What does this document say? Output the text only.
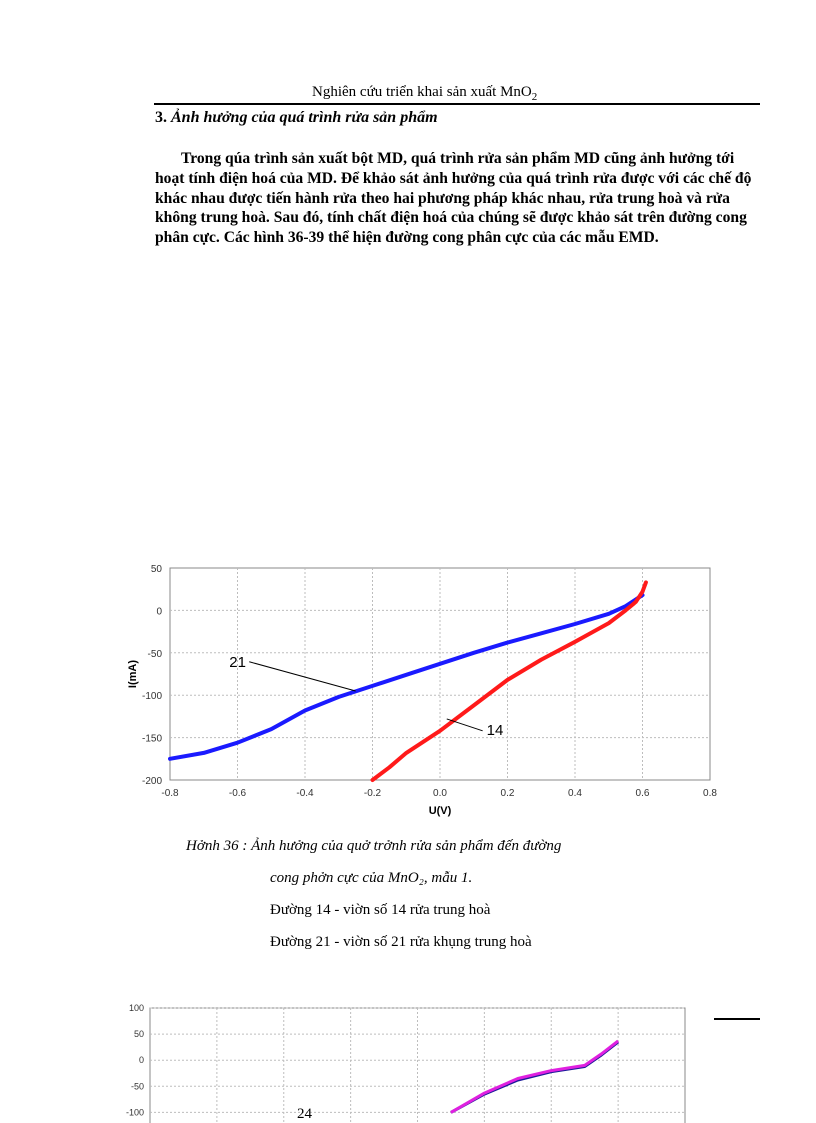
Nghiên cứu triển khai sản xuất MnO$_2$
3. Ảnh hưởng của quá trình rửa sản phẩm
Trong qúa trình sản xuất bột MD, quá trình rửa sản phẩm MD cũng ảnh hưởng tới hoạt tính điện hoá của MD. Để khảo sát ảnh hưởng của quá trình rửa được với các chế độ khác nhau được tiến hành rửa theo hai phương pháp khác nhau, rửa trung hoà và rửa không trung hoà. Sau đó, tính chất điện hoá của chúng sẽ được khảo sát trên đường cong phân cực. Các hình 36-39 thể hiện đường cong phân cực của các mẫu EMD.
-0.8	-0.6	-0.4	-0.2	0.0	0.2	0.4	0.6	0.8
50
0
-50
-100
-150
-200
U(V)
I(mA)	21
14
Hởnh 36 : Ảnh hưởng của quở trởnh rửa sản phẩm đến đường
cong phởn cực của MnO₂, mẫu 1.
Đường 14 - viờn số 14 rửa trung hoà
Đường 21 - viờn số 21 rửa khụng trung hoà
100
50
0
-50
-100	24
